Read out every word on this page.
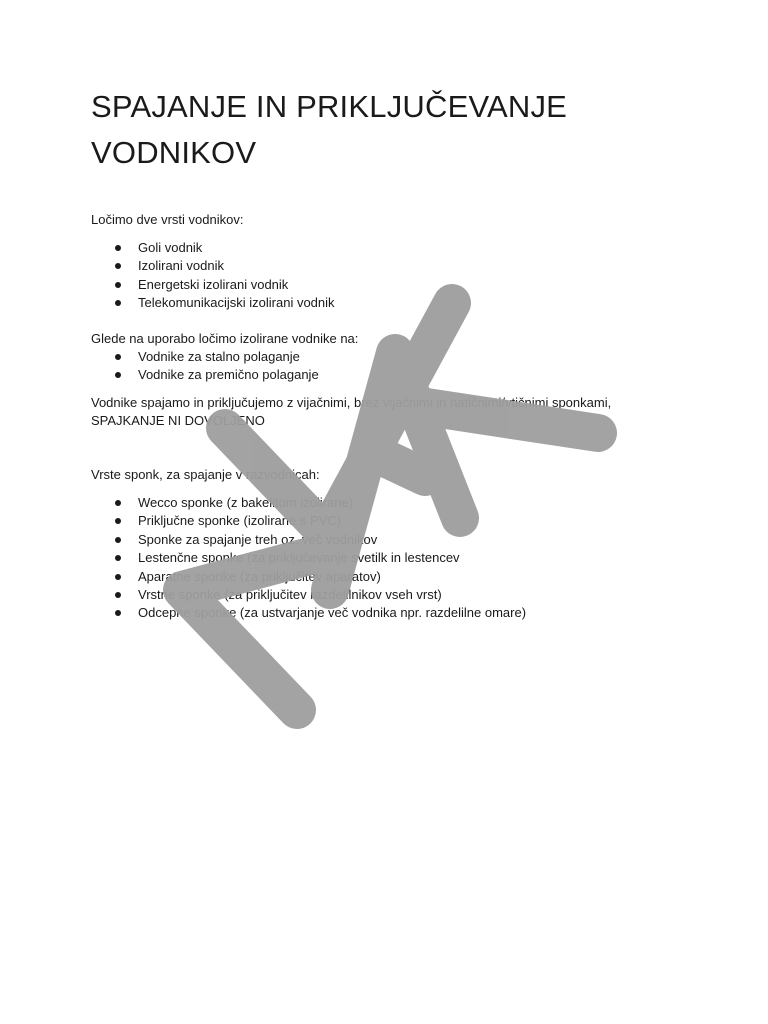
SPAJANJE IN PRIKLJUČEVANJE
VODNIKOV

Ločimo dve vrsti vodnikov:

Goli vodnik
Izolirani vodnik
Energetski izolirani vodnik
Telekomunikacijski izolirani vodnik

Glede na uporabo ločimo izolirane vodnike na:

Vodnike za stalno polaganje
Vodnike za premično polaganje

Vodnike spajamo in priključujemo z vijačnimi, brez vijačnimi in natičnimi/vtičnimi sponkami,

SPAJKANJE NI DOVOLJENO

Vrste sponk, za spajanje v razvodnicah:

Wecco sponke (z bakelitom izolirane)
Priključne sponke (izolirane s PVC)
Sponke za spajanje treh oz. več vodnikov
Lestenčne sponke (za priključevanje svetilk in lestencev
Aparatne sponke (za priključitev aparatov)
Vrstne sponke (za priključitev razdelilnikov vseh vrst)
Odcepne sponke (za ustvarjanje več vodnika npr. razdelilne omare)
